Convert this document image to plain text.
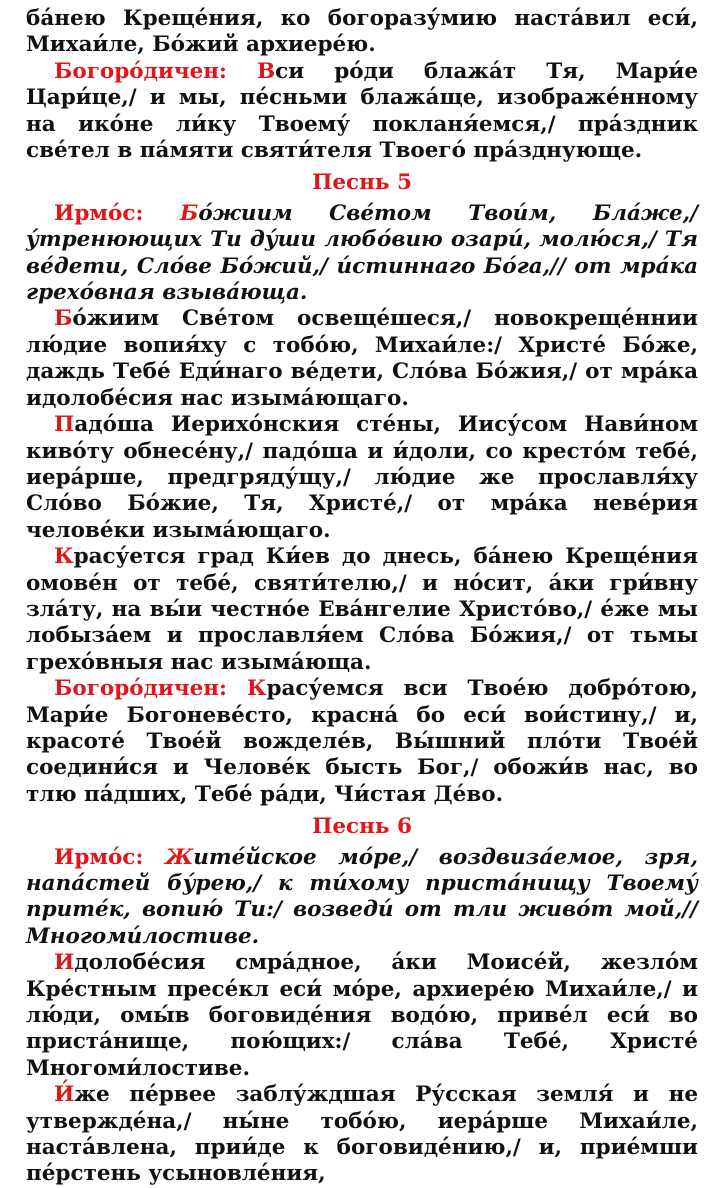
ба́нею Креще́ния, ко богоразу́мию наста́вил еси́, Михаи́ле, Бо́жий архиере́ю.

Богоро́дичен: Вси ро́ди блажа́т Тя, Мари́е Цари́це,/ и мы, пе́сньми блажа́ще, изображе́нному на ико́не ли́ку Твоему́ покланя́емся,/ пра́здник све́тел в па́мяти святи́теля Твоего́ пра́зднующе.

Песнь 5

Ирмо́с: Бо́жиим Све́том Твои́м, Бла́же,/ у́тренюющих Ти ду́ши любо́вию озари́, молю́ся,/ Тя ве́дети, Сло́ве Бо́жий,/ и́стиннаго Бо́га,// от мра́ка грехо́вная взыва́юща.

Бо́жиим Све́том освеще́шеся,/ новокреще́ннии лю́дие вопия́ху с тобо́ю, Михаи́ле:/ Христе́ Бо́же, даждь Тебе́ Еди́наго ве́дети, Сло́ва Бо́жия,/ от мра́ка идолобе́сия нас изыма́ющаго.

Падо́ша Иерихо́нския сте́ны, Иису́сом Нави́ном киво́ту обнесе́ну,/ падо́ша и и́доли, со кресто́м тебе́, иера́рше, предгряду́щу,/ лю́дие же прославля́ху Сло́во Бо́жие, Тя, Христе́,/ от мра́ка неве́рия челове́ки изыма́ющаго.

Красу́ется град Ки́ев до днесь, ба́нею Креще́ния омове́н от тебе́, святи́телю,/ и но́сит, а́ки гри́вну зла́ту, на вы́и честно́е Ева́нгелие Христо́во,/ е́же мы лобыза́ем и прославля́ем Сло́ва Бо́жия,/ от тьмы грехо́вныя нас изыма́юща.

Богоро́дичен: Красу́емся вси Твое́ю добро́тою, Мари́е Богоневе́сто, красна́ бо еси́ вои́стину,/ и, красоте́ Твое́й вожделе́в, Вы́шний пло́ти Твое́й соедини́ся и Челове́к бысть Бог,/ обожи́в нас, во тлю па́дших, Тебе́ ра́ди, Чи́стая Де́во.

Песнь 6

Ирмо́с: Жите́йское мо́ре,/ воздвиза́емое, зря, напа́стей бу́рею,/ к ти́хому приста́нищу Твоему́ прите́к, вопию́ Ти:/ возведи́ от тли живо́т мой,// Многоми́лостиве.

Идолобе́сия смра́дное, а́ки Моисе́й, жезло́м Кре́стным пресе́кл еси́ мо́ре, архиере́ю Михаи́ле,/ и лю́ди, омы́в боговиде́ния водо́ю, приве́л еси́ во приста́нище, пою́щих:/ сла́ва Тебе́, Христе́ Многоми́лостиве.

И́же пе́рвее заблу́ждшая Ру́сская земля́ и не утвержде́на,/ ны́не тобо́ю, иера́рше Михаи́ле, наста́влена, прии́де к боговиде́нию,/ и, прие́мши пе́рстень усыновле́ния,
